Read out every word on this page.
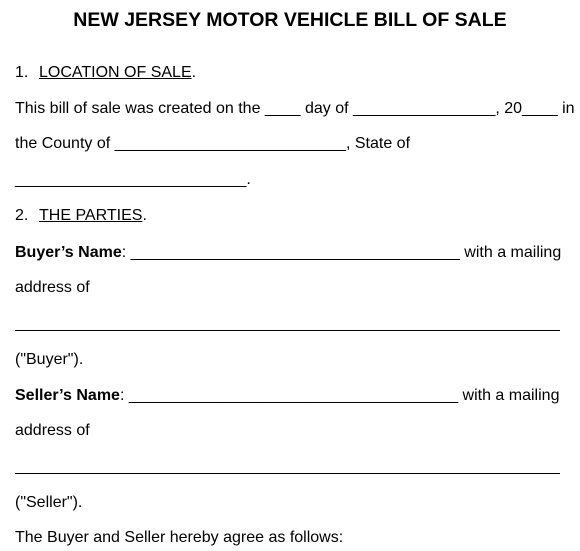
NEW JERSEY MOTOR VEHICLE BILL OF SALE
1. LOCATION OF SALE.
This bill of sale was created on the ____ day of ________________, 20____ in
the County of __________________________, State of
__________________________.
2. THE PARTIES.
Buyer’s Name: _____________________________________ with a mailing
address of
("Buyer").
Seller’s Name: _____________________________________ with a mailing
address of
("Seller").
The Buyer and Seller hereby agree as follows:
